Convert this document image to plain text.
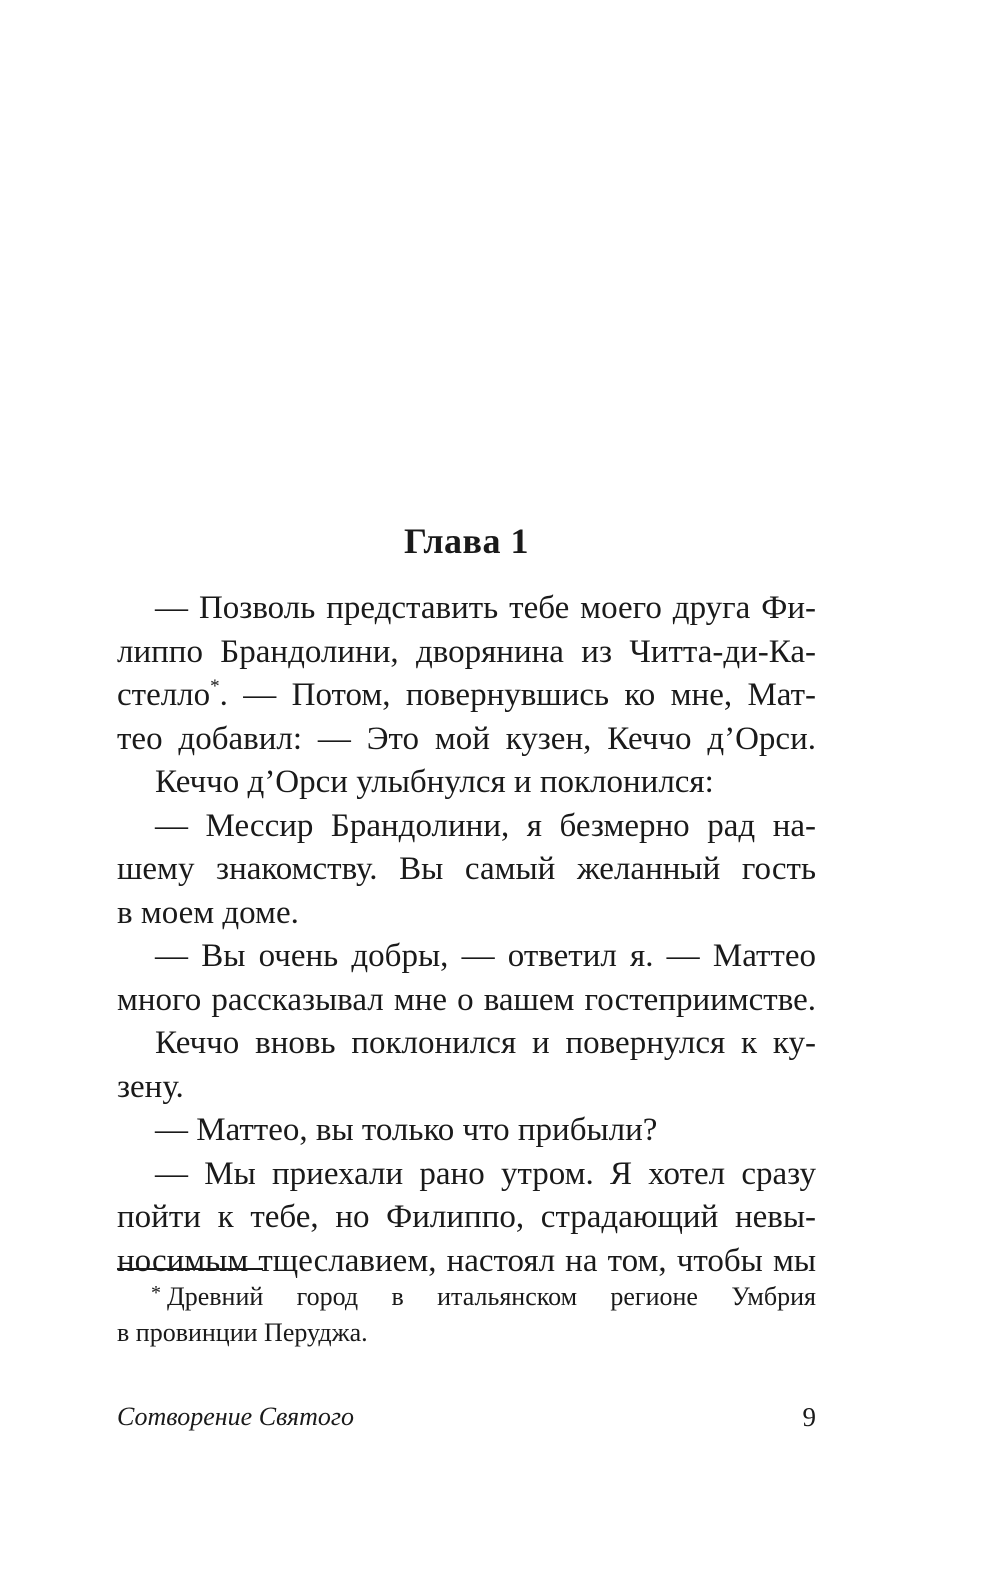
Глава 1
— Позволь представить тебе моего друга Фи-
липпо Брандолини, дворянина из Читта-ди-Ка-
стелло*. — Потом, повернувшись ко мне, Мат-
тео добавил: — Это мой кузен, Кеччо д’Орси.
Кеччо д’Орси улыбнулся и поклонился:
— Мессир Брандолини, я безмерно рад на-
шему знакомству. Вы самый желанный гость
в моем доме.
— Вы очень добры, — ответил я. — Маттео
много рассказывал мне о вашем гостеприимстве.
Кеччо вновь поклонился и повернулся к ку-
зену.
— Маттео, вы только что прибыли?
— Мы приехали рано утром. Я хотел сразу
пойти к тебе, но Филиппо, страдающий невы-
носимым тщеславием, настоял на том, чтобы мы
* Древний город в итальянском регионе Умбрия
в провинции Перуджа.
Сотворение Святого	9
